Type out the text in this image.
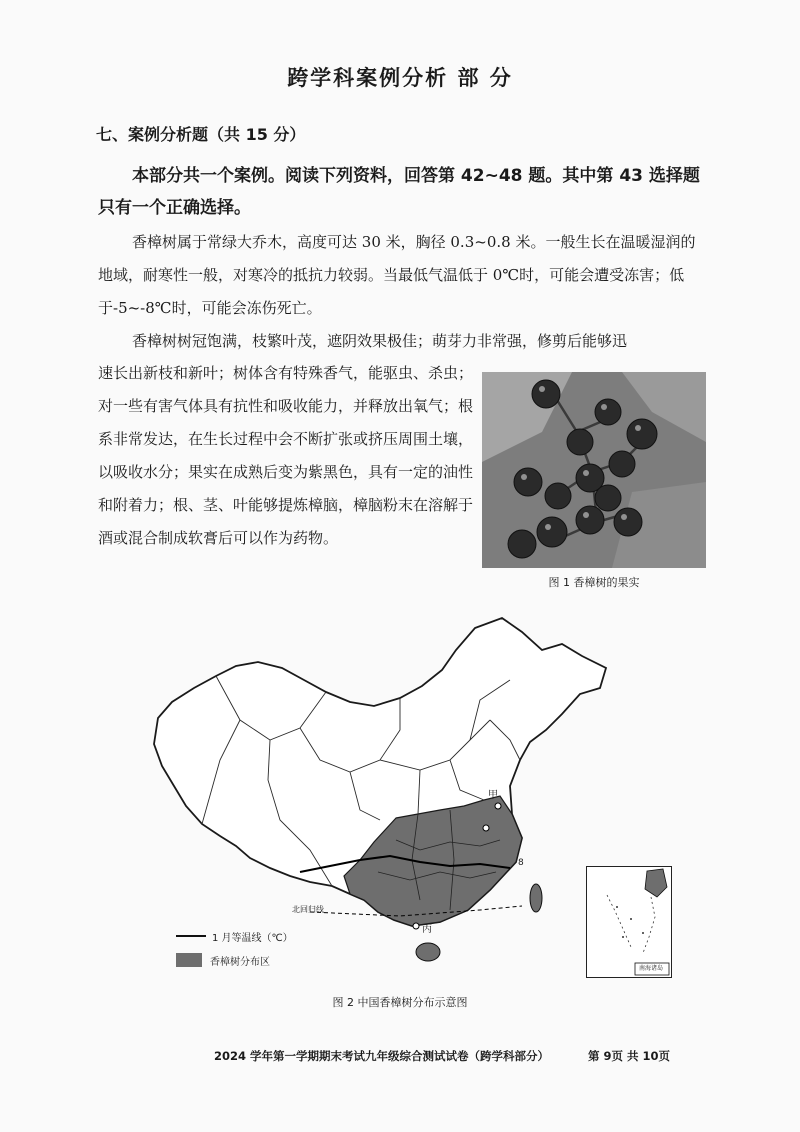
跨学科案例分析 部 分
七、案例分析题（共 15 分）
本部分共一个案例。阅读下列资料，回答第 42~48 题。其中第 43 选择题只有一个正确选择。
香樟树属于常绿大乔木，高度可达 30 米，胸径 0.3~0.8 米。一般生长在温暖湿润的地域，耐寒性一般，对寒冷的抵抗力较弱。当最低气温低于 0℃时，可能会遭受冻害；低于-5~-8℃时，可能会冻伤死亡。
香樟树树冠饱满，枝繁叶茂，遮阴效果极佳；萌芽力非常强，修剪后能够迅
速长出新枝和新叶；树体含有特殊香气，能驱虫、杀虫；对一些有害气体具有抗性和吸收能力，并释放出氧气；根系非常发达，在生长过程中会不断扩张或挤压周围土壤，以吸收水分；果实在成熟后变为紫黑色，具有一定的油性和附着力；根、茎、叶能够提炼樟脑，樟脑粉末在溶解于酒或混合制成软膏后可以作为药物。
图 1 香樟树的果实
甲
丙
北回归线
8
南海诸岛
1 月等温线（℃）
香樟树分布区
图 2 中国香樟树分布示意图
2024 学年第一学期期末考试九年级综合测试试卷（跨学科部分）	第 9页 共 10页
